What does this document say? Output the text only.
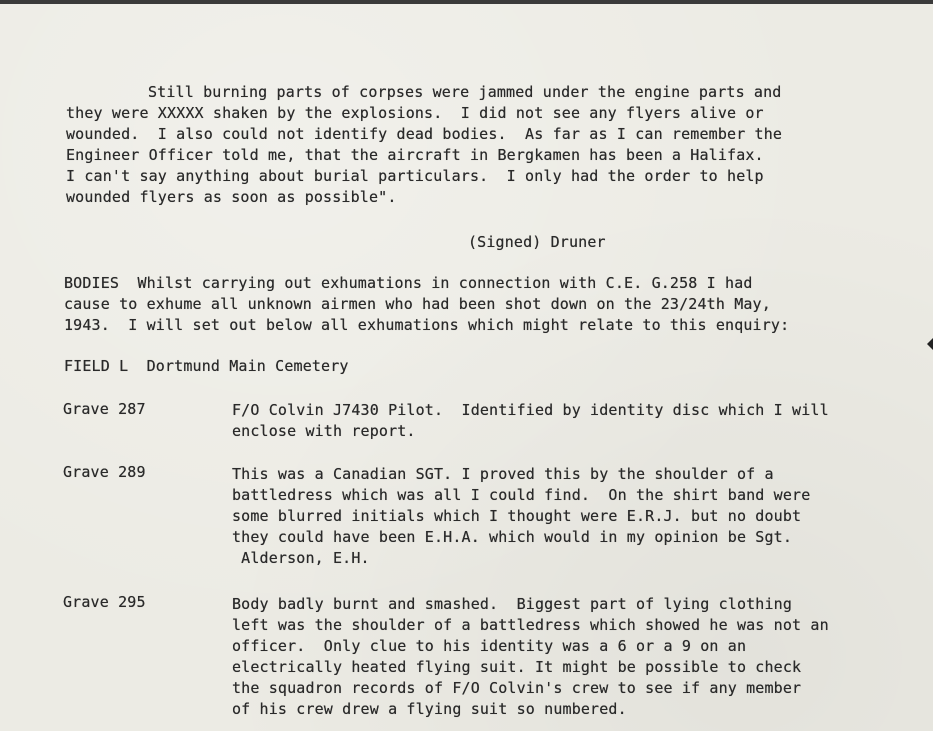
Still burning parts of corpses were jammed under the engine parts and
they were XXXXX shaken by the explosions.  I did not see any flyers alive or
wounded.  I also could not identify dead bodies.  As far as I can remember the
Engineer Officer told me, that the aircraft in Bergkamen has been a Halifax.
I can't say anything about burial particulars.  I only had the order to help
wounded flyers as soon as possible".
(Signed) Druner
BODIES  Whilst carrying out exhumations in connection with C.E. G.258 I had
cause to exhume all unknown airmen who had been shot down on the 23/24th May,
1943.  I will set out below all exhumations which might relate to this enquiry:
FIELD L  Dortmund Main Cemetery
Grave 287	F/O Colvin J7430 Pilot.  Identified by identity disc which I will
enclose with report.
Grave 289	This was a Canadian SGT. I proved this by the shoulder of a
battledress which was all I could find.  On the shirt band were
some blurred initials which I thought were E.R.J. but no doubt
they could have been E.H.A. which would in my opinion be Sgt.
Alderson, E.H.
Grave 295	Body badly burnt and smashed.  Biggest part of lying clothing
left was the shoulder of a battledress which showed he was not an
officer.  Only clue to his identity was a 6 or a 9 on an
electrically heated flying suit. It might be possible to check
the squadron records of F/O Colvin's crew to see if any member
of his crew drew a flying suit so numbered.
